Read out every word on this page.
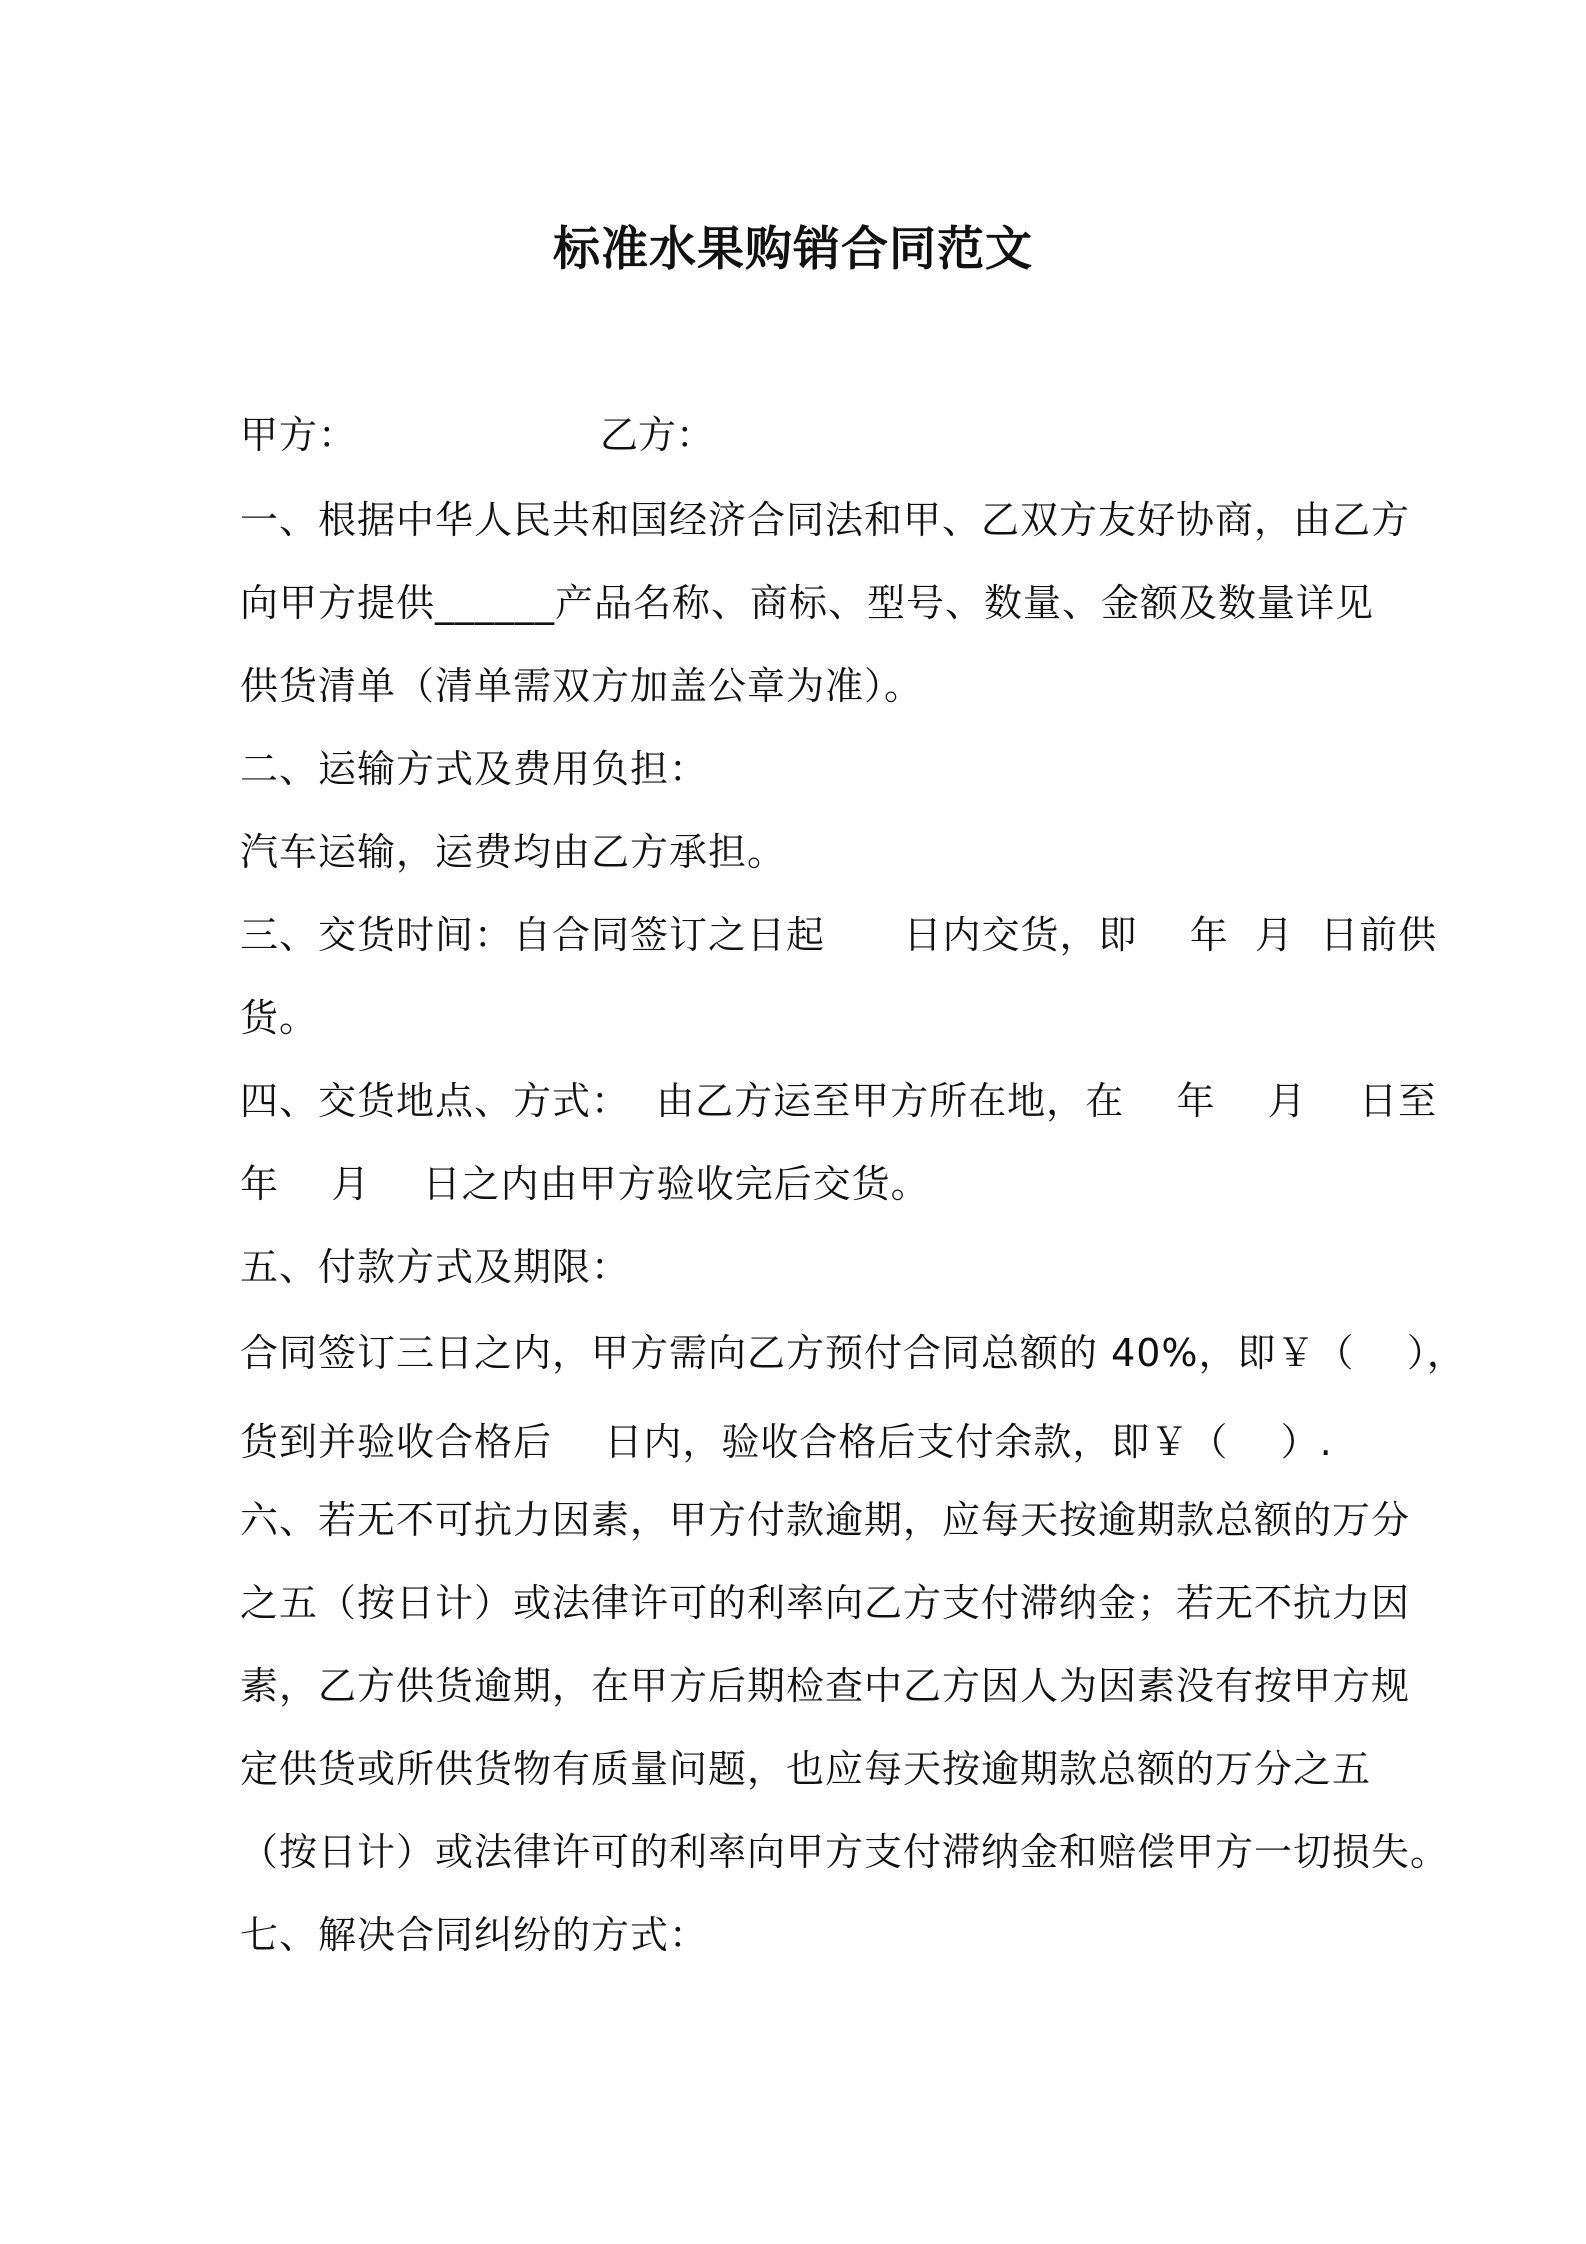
标准水果购销合同范文
甲方：	乙方：
一、根据中华人民共和国经济合同法和甲、乙双方友好协商，由乙方
向甲方提供______产品名称、商标、型号、数量、金额及数量详见
供货清单（清单需双方加盖公章为准）。
二、运输方式及费用负担：
汽车运输，运费均由乙方承担。
三、交货时间：自合同签订之日起      日内交货，即    年  月  日前供
货。
四、交货地点、方式：  由乙方运至甲方所在地，在    年    月    日至
年    月    日之内由甲方验收完后交货。
五、付款方式及期限：
合同签订三日之内，甲方需向乙方预付合同总额的 40%，即￥（    ），
货到并验收合格后    日内，验收合格后支付余款，即￥（    ）.
六、若无不可抗力因素，甲方付款逾期，应每天按逾期款总额的万分
之五（按日计）或法律许可的利率向乙方支付滞纳金；若无不抗力因
素，乙方供货逾期，在甲方后期检查中乙方因人为因素没有按甲方规
定供货或所供货物有质量问题，也应每天按逾期款总额的万分之五
（按日计）或法律许可的利率向甲方支付滞纳金和赔偿甲方一切损失。
七、解决合同纠纷的方式：
